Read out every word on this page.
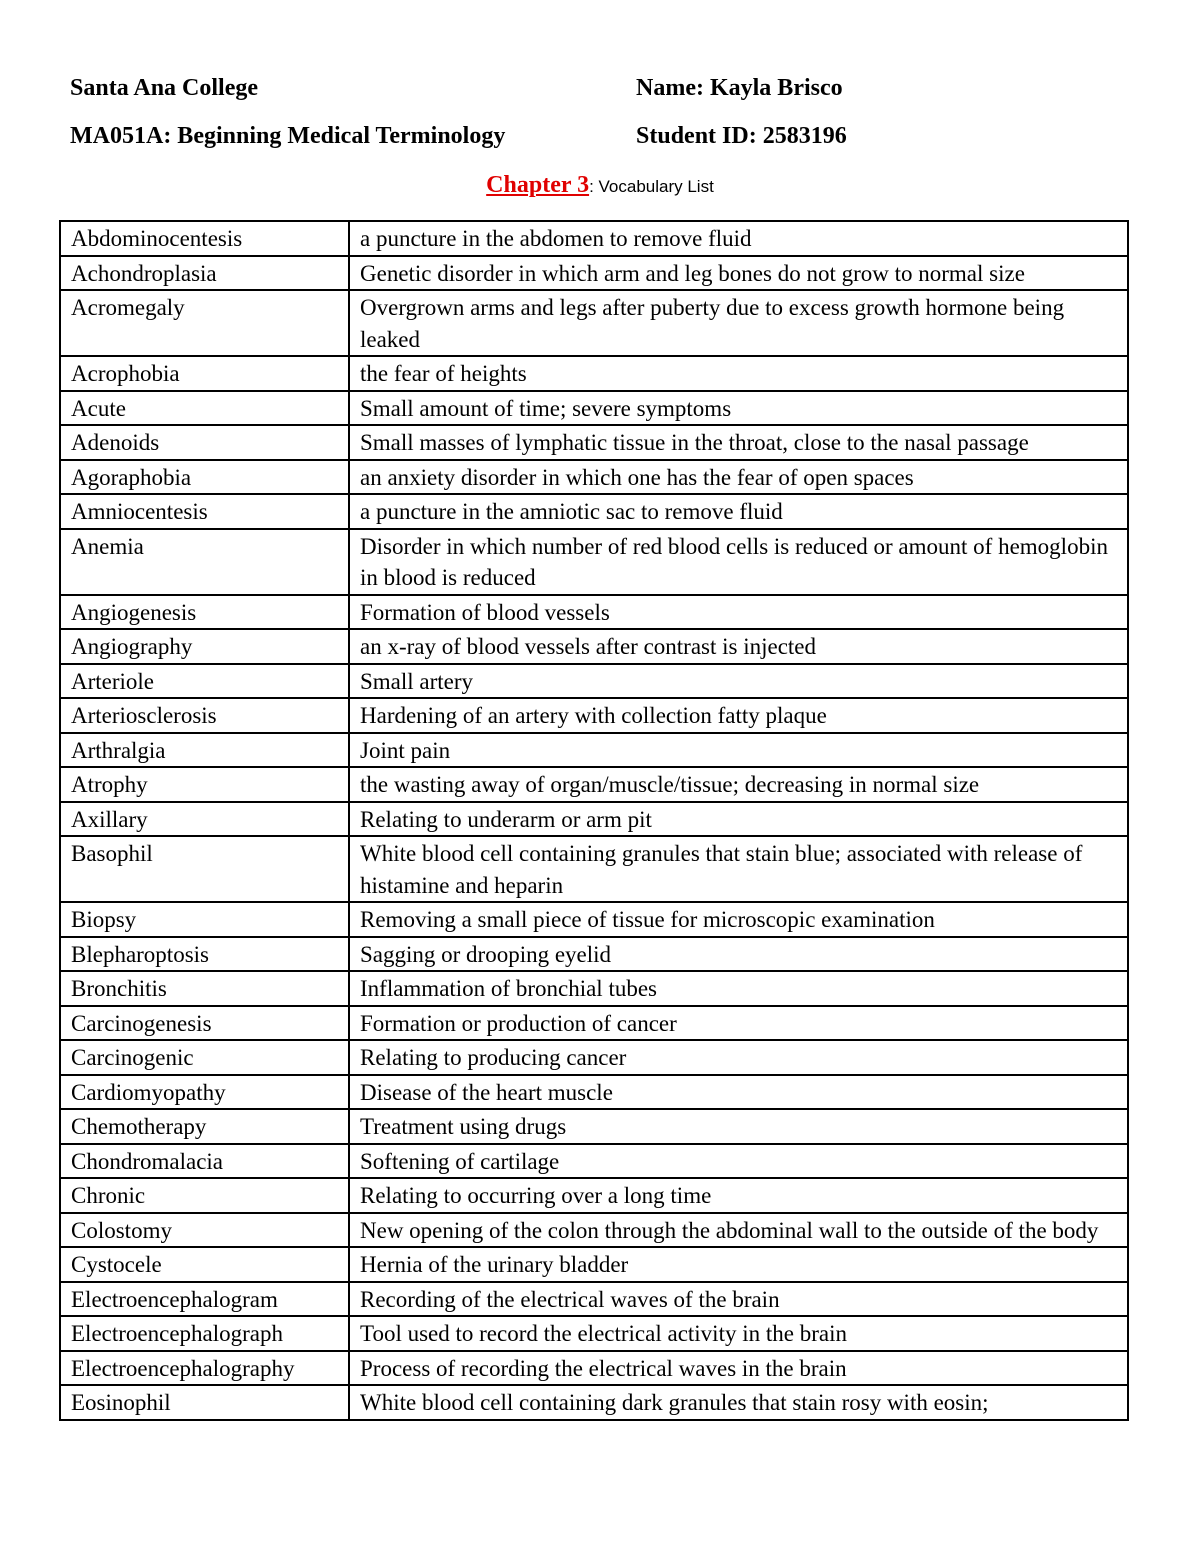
Santa Ana College	Name: Kayla Brisco
MA051A: Beginning Medical Terminology	Student ID: 2583196
Chapter 3: Vocabulary List
Abdominocentesis	a puncture in the abdomen to remove fluid
Achondroplasia	Genetic disorder in which arm and leg bones do not grow to normal size
Acromegaly	Overgrown arms and legs after puberty due to excess growth hormone being leaked
Acrophobia	the fear of heights
Acute	Small amount of time; severe symptoms
Adenoids	Small masses of lymphatic tissue in the throat, close to the nasal passage
Agoraphobia	an anxiety disorder in which one has the fear of open spaces
Amniocentesis	a puncture in the amniotic sac to remove fluid
Anemia	Disorder in which number of red blood cells is reduced or amount of hemoglobin in blood is reduced
Angiogenesis	Formation of blood vessels
Angiography	an x-ray of blood vessels after contrast is injected
Arteriole	Small artery
Arteriosclerosis	Hardening of an artery with collection fatty plaque
Arthralgia	Joint pain
Atrophy	the wasting away of organ/muscle/tissue; decreasing in normal size
Axillary	Relating to underarm or arm pit
Basophil	White blood cell containing granules that stain blue; associated with release of histamine and heparin
Biopsy	Removing a small piece of tissue for microscopic examination
Blepharoptosis	Sagging or drooping eyelid
Bronchitis	Inflammation of bronchial tubes
Carcinogenesis	Formation or production of cancer
Carcinogenic	Relating to producing cancer
Cardiomyopathy	Disease of the heart muscle
Chemotherapy	Treatment using drugs
Chondromalacia	Softening of cartilage
Chronic	Relating to occurring over a long time
Colostomy	New opening of the colon through the abdominal wall to the outside of the body
Cystocele	Hernia of the urinary bladder
Electroencephalogram	Recording of the electrical waves of the brain
Electroencephalograph	Tool used to record the electrical activity in the brain
Electroencephalography	Process of recording the electrical waves in the brain
Eosinophil	White blood cell containing dark granules that stain rosy with eosin;
